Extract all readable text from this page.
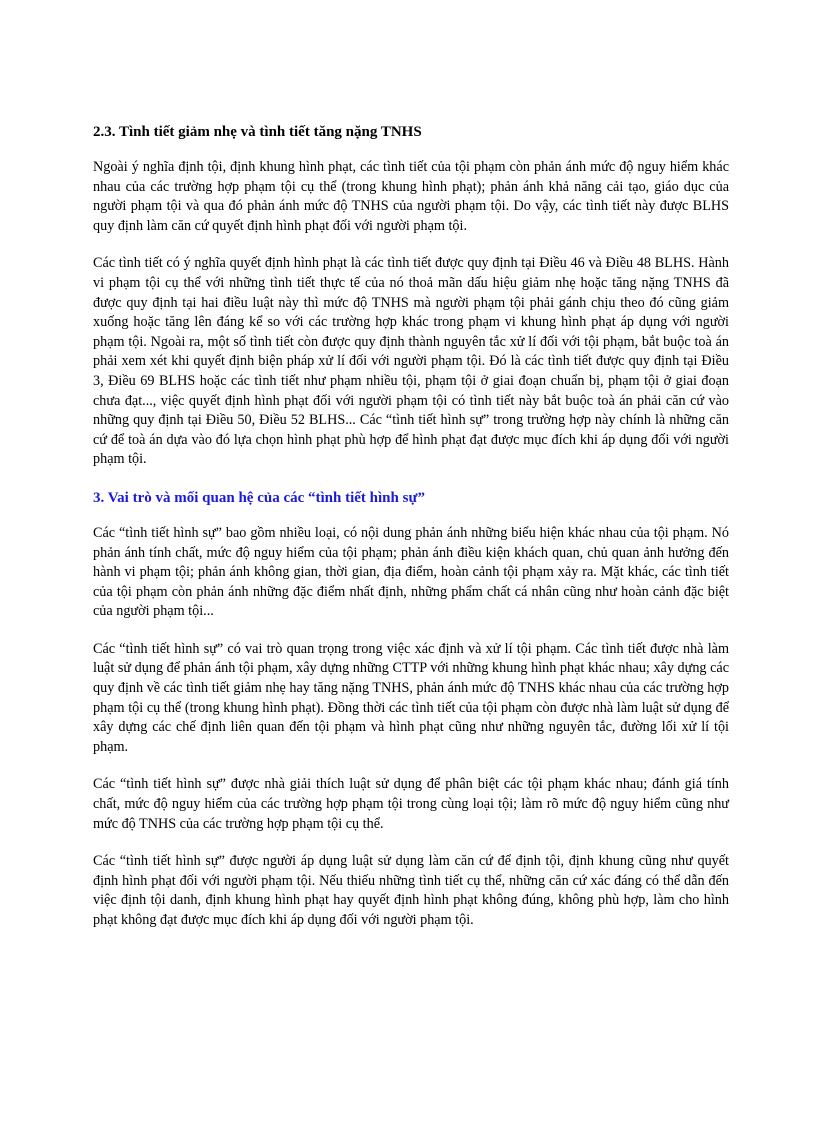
2.3. Tình tiết giảm nhẹ và tình tiết tăng nặng TNHS

Ngoài ý nghĩa định tội, định khung hình phạt, các tình tiết của tội phạm còn phản ánh mức độ nguy hiểm khác nhau của các trường hợp phạm tội cụ thể (trong khung hình phạt); phản ánh khả năng cải tạo, giáo dục của người phạm tội và qua đó phản ánh mức độ TNHS của người phạm tội. Do vậy, các tình tiết này được BLHS quy định làm căn cứ quyết định hình phạt đối với người phạm tội.

Các tình tiết có ý nghĩa quyết định hình phạt là các tình tiết được quy định tại Điều 46 và Điều 48 BLHS. Hành vi phạm tội cụ thể với những tình tiết thực tế của nó thoả mãn dấu hiệu giảm nhẹ hoặc tăng nặng TNHS đã được quy định tại hai điều luật này thì mức độ TNHS mà người phạm tội phải gánh chịu theo đó cũng giảm xuống hoặc tăng lên đáng kể so với các trường hợp khác trong phạm vi khung hình phạt áp dụng với người phạm tội. Ngoài ra, một số tình tiết còn được quy định thành nguyên tắc xử lí đối với tội phạm, bắt buộc toà án phải xem xét khi quyết định biện pháp xử lí đối với người phạm tội. Đó là các tình tiết được quy định tại Điều 3, Điều 69 BLHS hoặc các tình tiết như phạm nhiều tội, phạm tội ở giai đoạn chuẩn bị, phạm tội ở giai đoạn chưa đạt..., việc quyết định hình phạt đối với người phạm tội có tình tiết này bắt buộc toà án phải căn cứ vào những quy định tại Điều 50, Điều 52 BLHS... Các “tình tiết hình sự” trong trường hợp này chính là những căn cứ để toà án dựa vào đó lựa chọn hình phạt phù hợp để hình phạt đạt được mục đích khi áp dụng đối với người phạm tội.

3. Vai trò và mối quan hệ của các “tình tiết hình sự”

Các “tình tiết hình sự” bao gồm nhiều loại, có nội dung phản ánh những biểu hiện khác nhau của tội phạm. Nó phản ánh tính chất, mức độ nguy hiểm của tội phạm; phản ánh điều kiện khách quan, chủ quan ảnh hưởng đến hành vi phạm tội; phản ánh không gian, thời gian, địa điểm, hoàn cảnh tội phạm xảy ra. Mặt khác, các tình tiết của tội phạm còn phản ánh những đặc điểm nhất định, những phẩm chất cá nhân cũng như hoàn cảnh đặc biệt của người phạm tội...

Các “tình tiết hình sự” có vai trò quan trọng trong việc xác định và xử lí tội phạm. Các tình tiết được nhà làm luật sử dụng để phản ánh tội phạm, xây dựng những CTTP với những khung hình phạt khác nhau; xây dựng các quy định về các tình tiết giảm nhẹ hay tăng nặng TNHS, phản ánh mức độ TNHS khác nhau của các trường hợp phạm tội cụ thể (trong khung hình phạt). Đồng thời các tình tiết của tội phạm còn được nhà làm luật sử dụng để xây dựng các chế định liên quan đến tội phạm và hình phạt cũng như những nguyên tắc, đường lối xử lí tội phạm.

Các “tình tiết hình sự” được nhà giải thích luật sử dụng để phân biệt các tội phạm khác nhau; đánh giá tính chất, mức độ nguy hiểm của các trường hợp phạm tội trong cùng loại tội; làm rõ mức độ nguy hiểm cũng như mức độ TNHS của các trường hợp phạm tội cụ thể.

Các “tình tiết hình sự” được người áp dụng luật sử dụng làm căn cứ để định tội, định khung cũng như quyết định hình phạt đối với người phạm tội. Nếu thiếu những tình tiết cụ thể, những căn cứ xác đáng có thể dẫn đến việc định tội danh, định khung hình phạt hay quyết định hình phạt không đúng, không phù hợp, làm cho hình phạt không đạt được mục đích khi áp dụng đối với người phạm tội.
